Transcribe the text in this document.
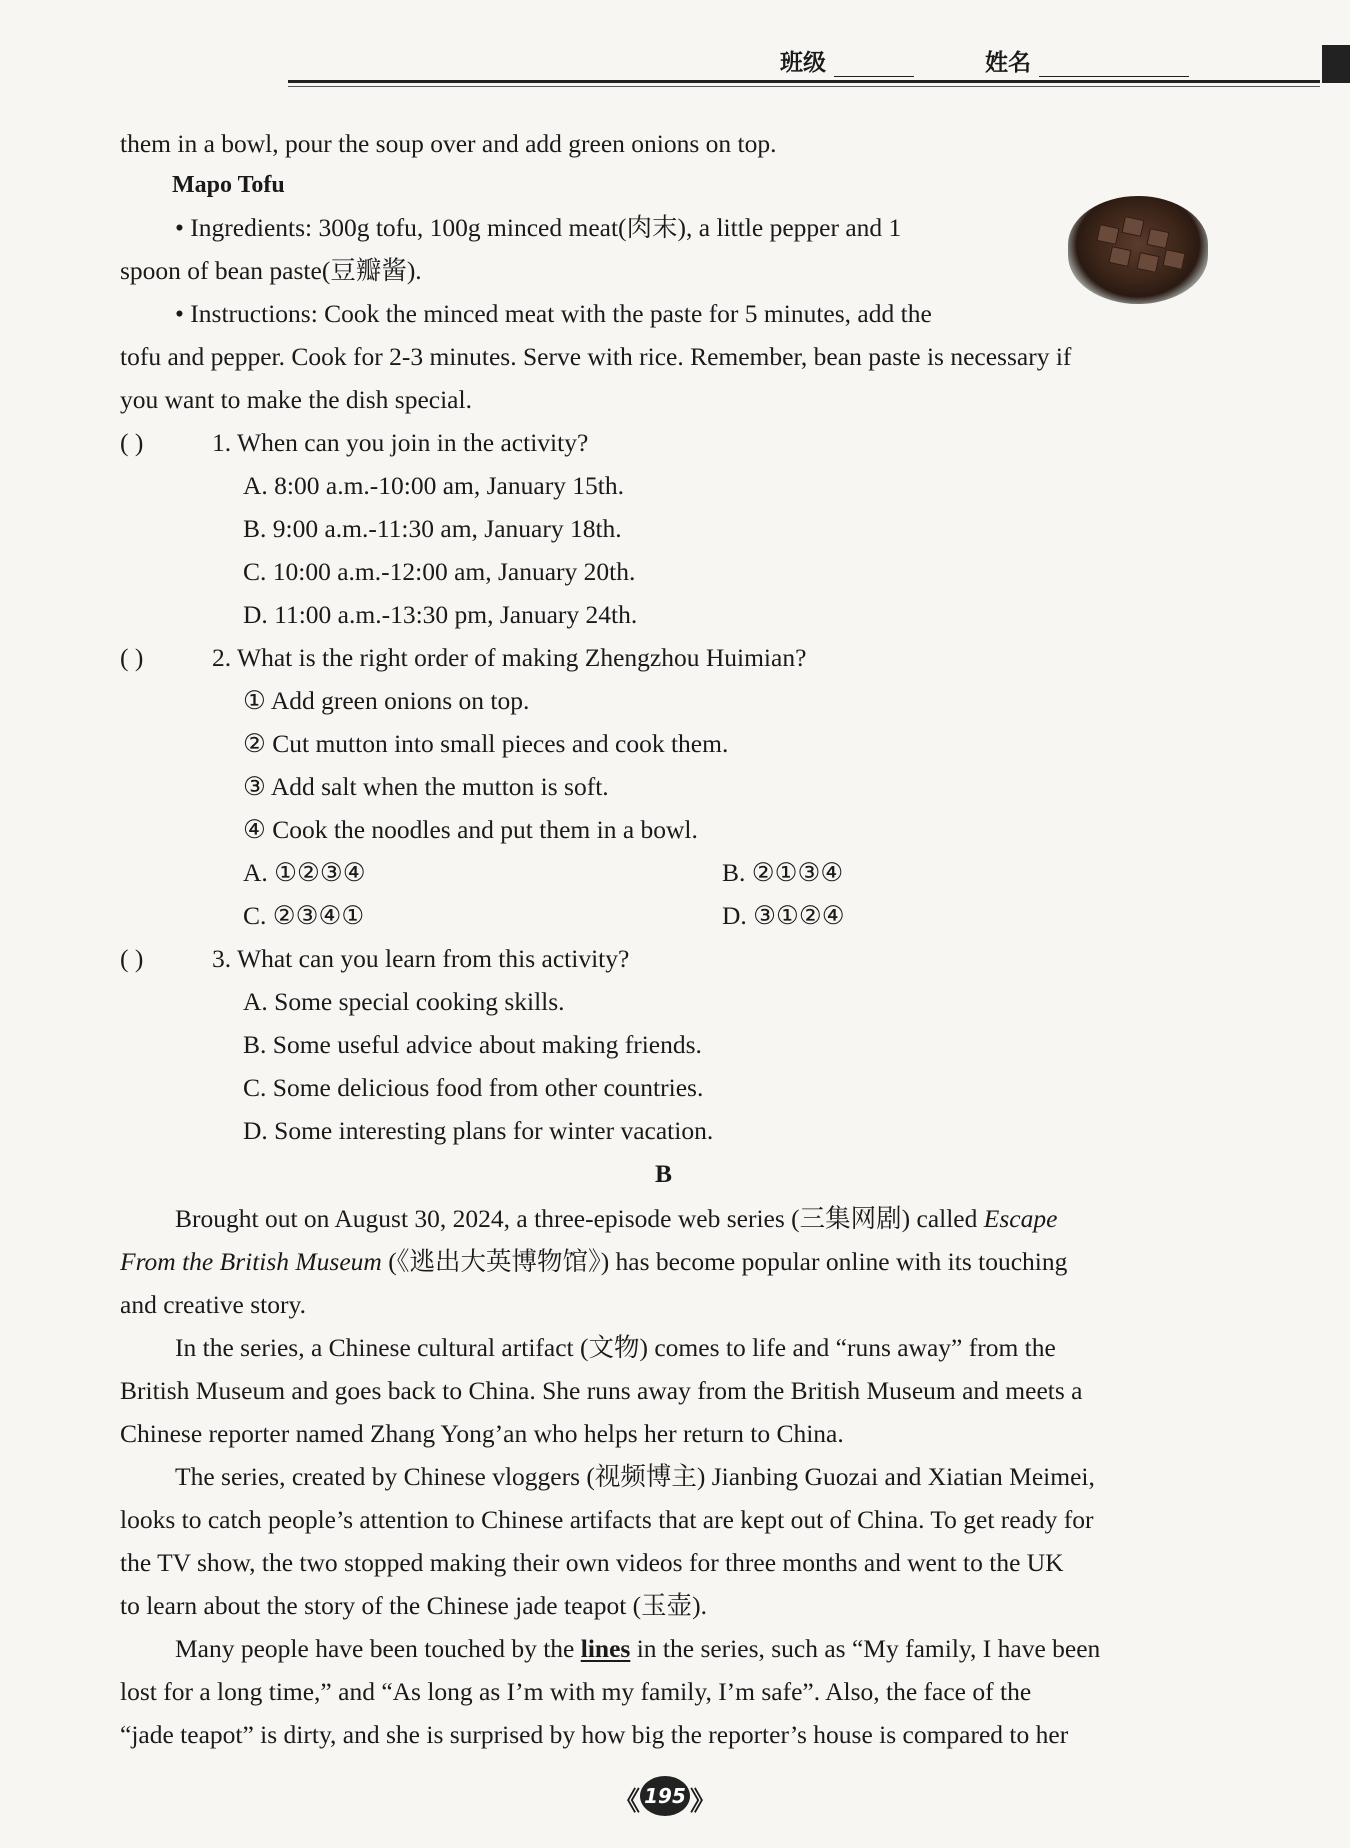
班级	姓名
them in a bowl, pour the soup over and add green onions on top.
Mapo Tofu
• Ingredients: 300g tofu, 100g minced meat(肉末), a little pepper and 1
spoon of bean paste(豆瓣酱).
• Instructions: Cook the minced meat with the paste for 5 minutes, add the
tofu and pepper. Cook for 2-3 minutes. Serve with rice. Remember, bean paste is necessary if
you want to make the dish special.
( )	1. When can you join in the activity?
A. 8:00 a.m.-10:00 am, January 15th.
B. 9:00 a.m.-11:30 am, January 18th.
C. 10:00 a.m.-12:00 am, January 20th.
D. 11:00 a.m.-13:30 pm, January 24th.
( )	2. What is the right order of making Zhengzhou Huimian?
① Add green onions on top.
② Cut mutton into small pieces and cook them.
③ Add salt when the mutton is soft.
④ Cook the noodles and put them in a bowl.
A. ①②③④	B. ②①③④
C. ②③④①	D. ③①②④
( )	3. What can you learn from this activity?
A. Some special cooking skills.
B. Some useful advice about making friends.
C. Some delicious food from other countries.
D. Some interesting plans for winter vacation.
B
Brought out on August 30, 2024, a three-episode web series (三集网剧) called Escape
From the British Museum (《逃出大英博物馆》) has become popular online with its touching
and creative story.
In the series, a Chinese cultural artifact (文物) comes to life and “runs away” from the
British Museum and goes back to China. She runs away from the British Museum and meets a
Chinese reporter named Zhang Yong’an who helps her return to China.
The series, created by Chinese vloggers (视频博主) Jianbing Guozai and Xiatian Meimei,
looks to catch people’s attention to Chinese artifacts that are kept out of China. To get ready for
the TV show, the two stopped making their own videos for three months and went to the UK
to learn about the story of the Chinese jade teapot (玉壶).
Many people have been touched by the lines in the series, such as “My family, I have been
lost for a long time,” and “As long as I’m with my family, I’m safe”. Also, the face of the
“jade teapot” is dirty, and she is surprised by how big the reporter’s house is compared to her
《 195 》
